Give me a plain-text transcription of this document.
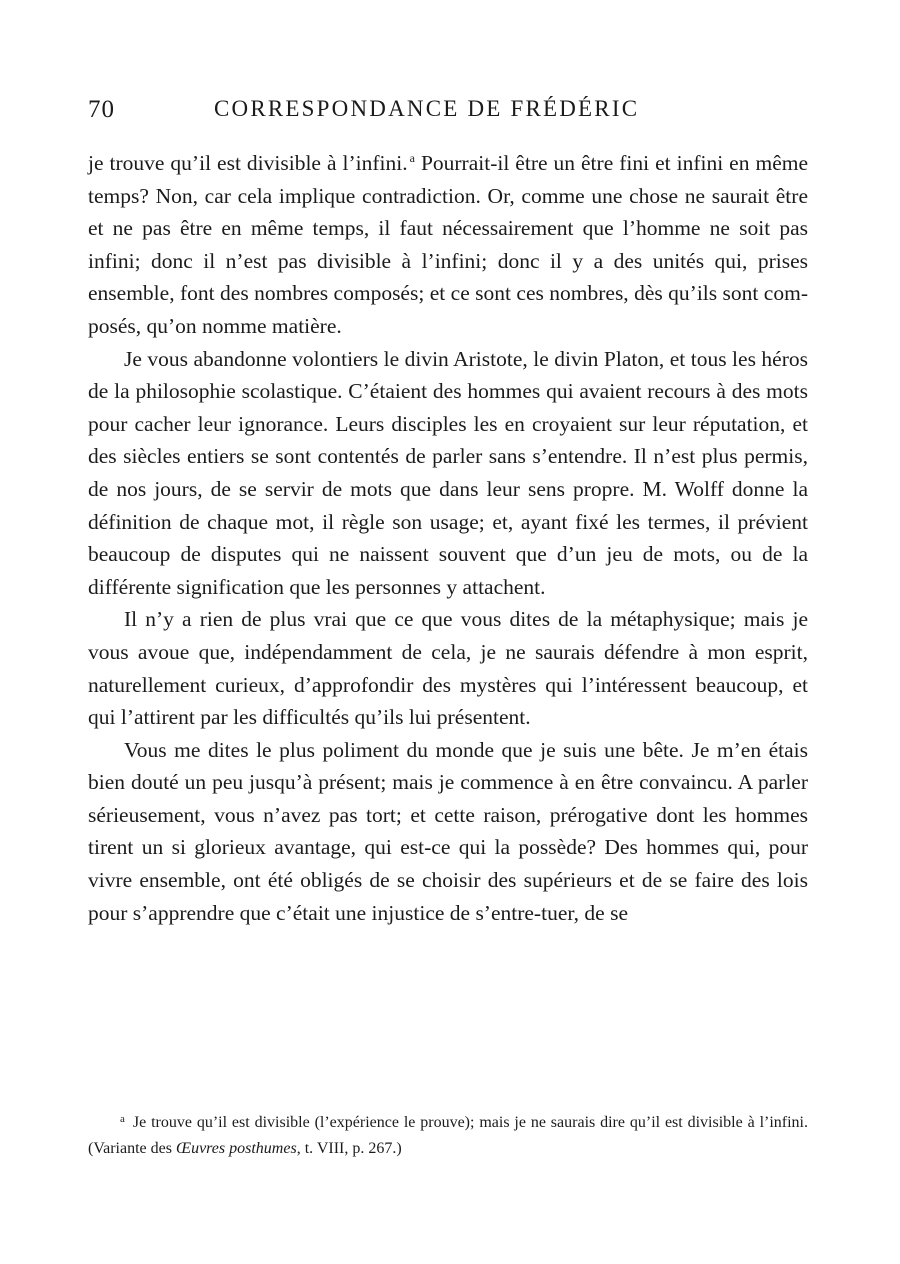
70	CORRESPONDANCE DE FRÉDÉRIC

je trouve qu’il est divisible à l’infini. $^a$ Pourrait-il être un être fini et infini en même temps? Non, car cela implique contradiction. Or, comme une chose ne saurait être et ne pas être en même temps, il faut nécessairement que l’homme ne soit pas infini; donc il n’est pas divisible à l’infini; donc il y a des unités qui, prises ensemble, font des nombres composés; et ce sont ces nombres, dès qu’ils sont composés, qu’on nomme matière.

Je vous abandonne volontiers le divin Aristote, le divin Platon, et tous les héros de la philosophie scolastique. C’étaient des hommes qui avaient recours à des mots pour cacher leur ignorance. Leurs disciples les en croyaient sur leur réputation, et des siècles entiers se sont contentés de parler sans s’entendre. Il n’est plus permis, de nos jours, de se servir de mots que dans leur sens propre. M. Wolff donne la définition de chaque mot, il règle son usage; et, ayant fixé les termes, il prévient beaucoup de disputes qui ne naissent souvent que d’un jeu de mots, ou de la différente signification que les personnes y attachent.

Il n’y a rien de plus vrai que ce que vous dites de la métaphysique; mais je vous avoue que, indépendamment de cela, je ne saurais défendre à mon esprit, naturellement curieux, d’approfondir des mystères qui l’intéressent beaucoup, et qui l’attirent par les difficultés qu’ils lui présentent.

Vous me dites le plus poliment du monde que je suis une bête. Je m’en étais bien douté un peu jusqu’à présent; mais je commence à en être convaincu. A parler sérieusement, vous n’avez pas tort; et cette raison, prérogative dont les hommes tirent un si glorieux avantage, qui est-ce qui la possède? Des hommes qui, pour vivre ensemble, ont été obligés de se choisir des supérieurs et de se faire des lois pour s’apprendre que c’était une injustice de s’entre-tuer, de se

$^a$ Je trouve qu’il est divisible (l’expérience le prouve); mais je ne saurais dire qu’il est divisible à l’infini. (Variante des Œuvres posthumes, t. VIII, p. 267.)
